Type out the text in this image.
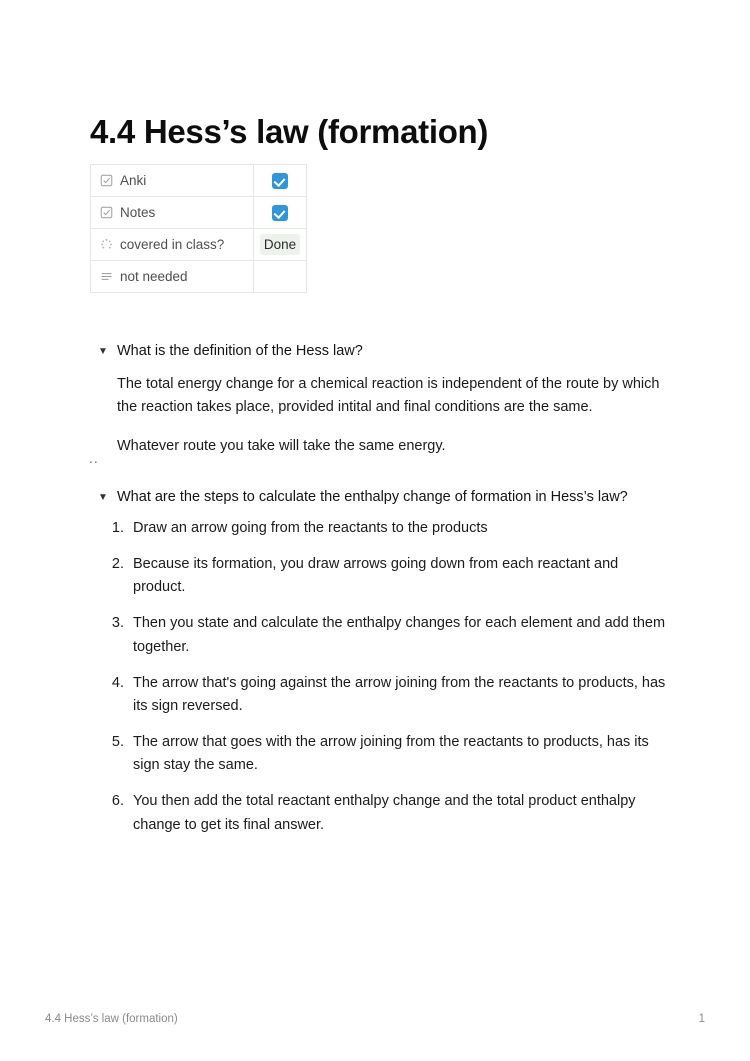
4.4 Hess’s law (formation)
Anki	

Notes	

covered in class?	Done

not needed	

▼ What is the definition of the Hess law?
The total energy change for a chemical reaction is independent of the route by which the reaction takes place, provided intital and final conditions are the same.
Whatever route you take will take the same energy.
..
▼ What are the steps to calculate the enthalpy change of formation in Hess’s law?
1. Draw an arrow going from the reactants to the products
2. Because its formation, you draw arrows going down from each reactant and product.
3. Then you state and calculate the enthalpy changes for each element and add them together.
4. The arrow that's going against the arrow joining from the reactants to products, has its sign reversed.
5. The arrow that goes with the arrow joining from the reactants to products, has its sign stay the same.
6. You then add the total reactant enthalpy change and the total product enthalpy change to get its final answer.
4.4 Hess’s law (formation)	1
